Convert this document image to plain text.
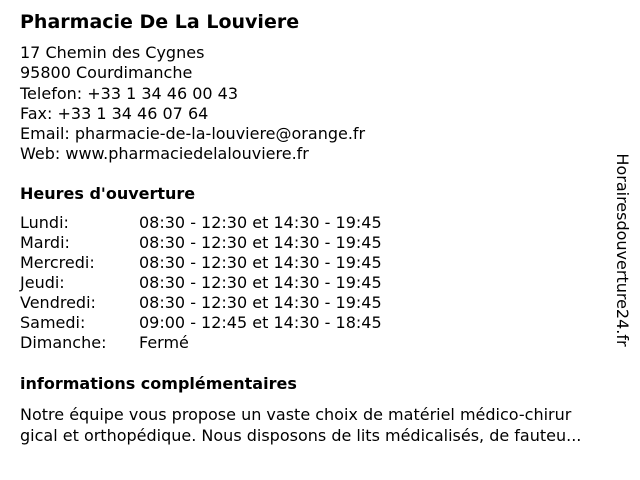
Pharmacie De La Louviere
17 Chemin des Cygnes
95800 Courdimanche
Telefon: +33 1 34 46 00 43
Fax: +33 1 34 46 07 64
Email: pharmacie-de-la-louviere@orange.fr
Web: www.pharmaciedelalouviere.fr
Heures d'ouverture
Lundi:	08:30 - 12:30 et 14:30 - 19:45
Mardi:	08:30 - 12:30 et 14:30 - 19:45
Mercredi:	08:30 - 12:30 et 14:30 - 19:45
Jeudi:	08:30 - 12:30 et 14:30 - 19:45
Vendredi:	08:30 - 12:30 et 14:30 - 19:45
Samedi:	09:00 - 12:45 et 14:30 - 18:45
Dimanche: Fermé
informations complémentaires
Notre équipe vous propose un vaste choix de matériel médico-chirur
gical et orthopédique. Nous disposons de lits médicalisés, de fauteu...
Horairesdouverture24.fr
